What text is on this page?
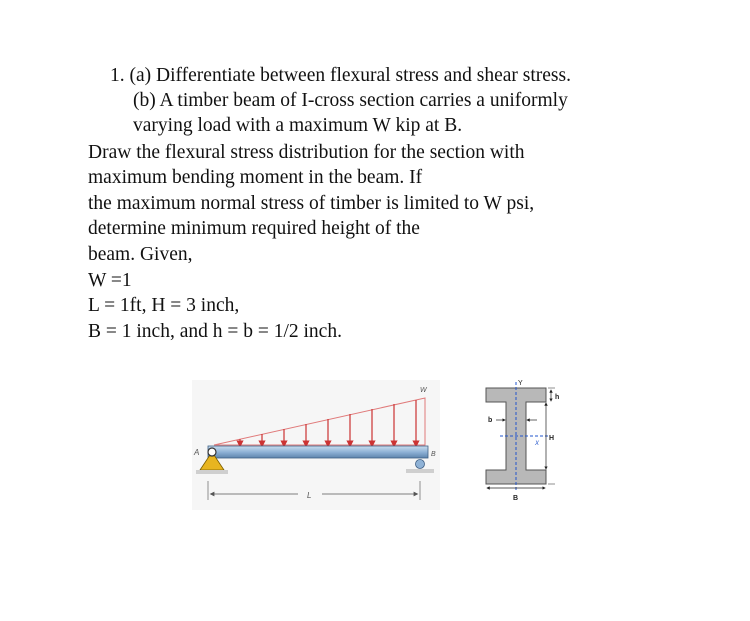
1. (a) Differentiate between flexural stress and shear stress.
(b) A timber beam of I-cross section carries a uniformly
varying load with a maximum W kip at B.
Draw the flexural stress distribution for the section with
maximum bending moment in the beam. If
the maximum normal stress of timber is limited to W psi,
determine minimum required height of the
beam. Given,
W =1
L = 1ft, H = 3 inch,
B = 1 inch, and h = b = 1/2 inch.
W
A	B
L
Y
X
h
H
b
B
